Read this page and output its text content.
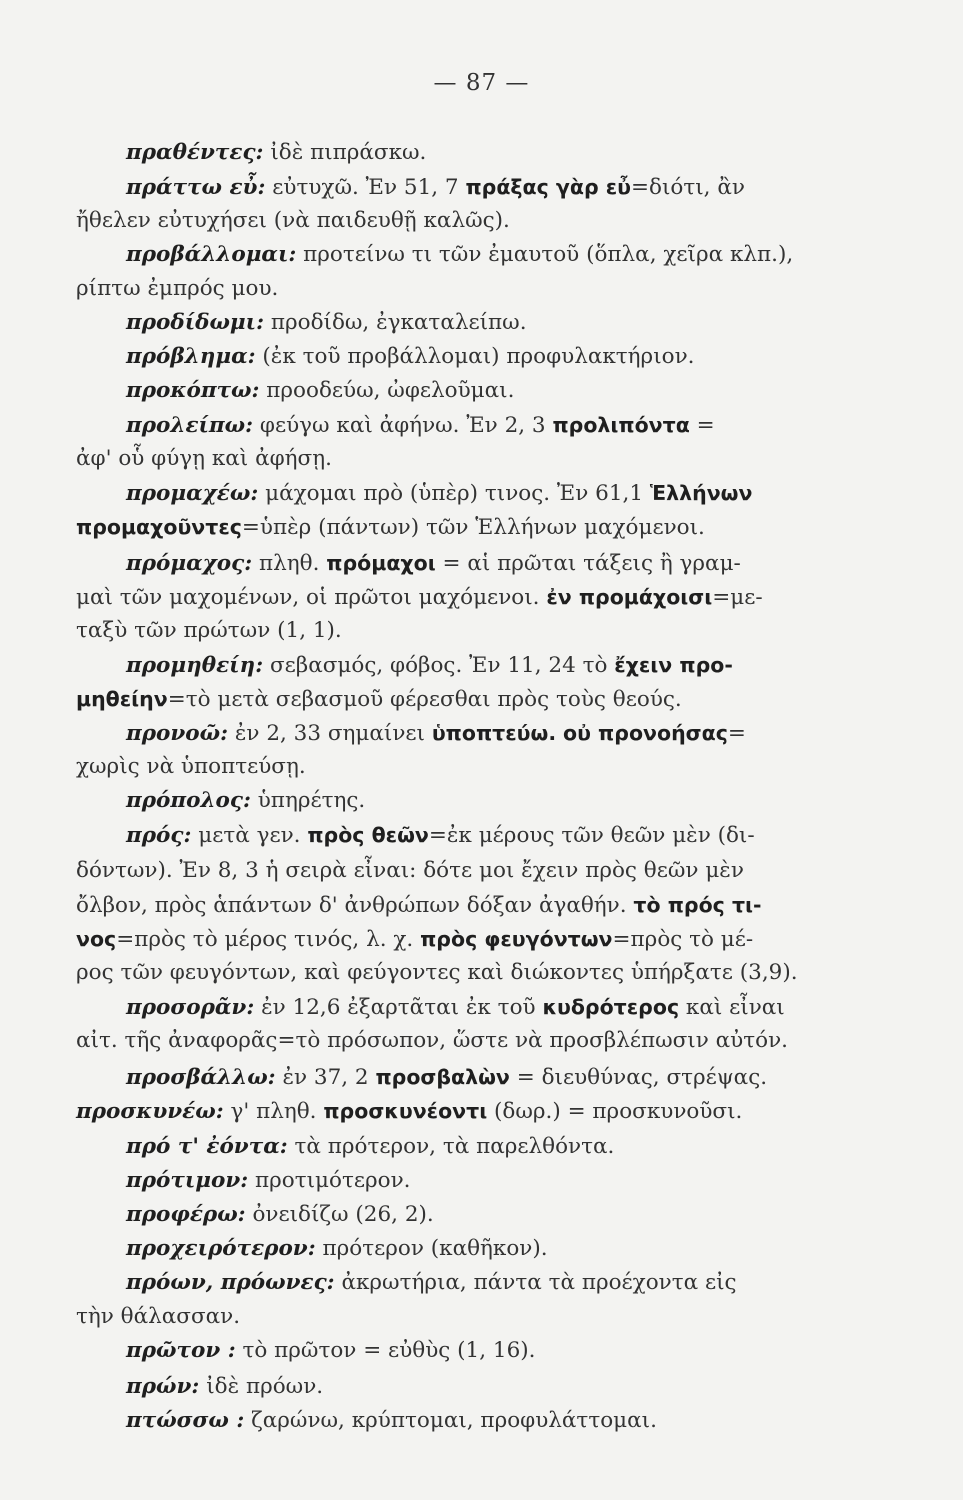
— 87 —
πραθέντες: ἰδὲ πιπράσκω.
πράττω εὖ: εὐτυχῶ. Ἐν 51, 7 πράξας γὰρ εὖ=διότι, ἂν
ἤθελεν εὐτυχήσει (νὰ παιδευθῇ καλῶς).
προβάλλομαι: προτείνω τι τῶν ἐμαυτοῦ (ὅπλα, χεῖρα κλπ.),
ρίπτω ἐμπρός μου.
προδίδωμι: προδίδω, ἐγκαταλείπω.
πρόβλημα: (ἐκ τοῦ προβάλλομαι) προφυλακτήριον.
προκόπτω: προοδεύω, ὠφελοῦμαι.
προλείπω: φεύγω καὶ ἀφήνω. Ἐν 2, 3 προλιπόντα =
ἀφ' οὗ φύγῃ καὶ ἀφήσῃ.
προμαχέω: μάχομαι πρὸ (ὑπὲρ) τινος. Ἐν 61,1 Ἑλλήνων
προμαχοῦντες=ὑπὲρ (πάντων) τῶν Ἑλλήνων μαχόμενοι.
πρόμαχος: πληθ. πρόμαχοι = αἱ πρῶται τάξεις ἢ γραμ-
μαὶ τῶν μαχομένων, οἱ πρῶτοι μαχόμενοι. ἐν προμάχοισι=με-
ταξὺ τῶν πρώτων (1, 1).
προμηθείη: σεβασμός, φόβος. Ἐν 11, 24 τὸ ἔχειν προ-
μηθείην=τὸ μετὰ σεβασμοῦ φέρεσθαι πρὸς τοὺς θεούς.
προνοῶ: ἐν 2, 33 σημαίνει ὑποπτεύω. οὐ προνοήσας=
χωρὶς νὰ ὑποπτεύσῃ.
πρόπολος: ὑπηρέτης.
πρός: μετὰ γεν. πρὸς θεῶν=ἐκ μέρους τῶν θεῶν μὲν (δι-
δόντων). Ἐν 8, 3 ἡ σειρὰ εἶναι: δότε μοι ἔχειν πρὸς θεῶν μὲν
ὄλβον, πρὸς ἁπάντων δ' ἀνθρώπων δόξαν ἀγαθήν. τὸ πρός τι-
νος=πρὸς τὸ μέρος τινός, λ. χ. πρὸς φευγόντων=πρὸς τὸ μέ-
ρος τῶν φευγόντων, καὶ φεύγοντες καὶ διώκοντες ὑπήρξατε (3,9).
προσορᾶν: ἐν 12,6 ἐξαρτᾶται ἐκ τοῦ κυδρότερος καὶ εἶναι
αἰτ. τῆς ἀναφορᾶς=τὸ πρόσωπον, ὥστε νὰ προσβλέπωσιν αὐτόν.
προσβάλλω: ἐν 37, 2 προσβαλὼν = διευθύνας, στρέψας.
προσκυνέω: γ' πληθ. προσκυνέοντι (δωρ.) = προσκυνοῦσι.
πρό τ' ἐόντα: τὰ πρότερον, τὰ παρελθόντα.
πρότιμον: προτιμότερον.
προφέρω: ὀνειδίζω (26, 2).
προχειρότερον: πρότερον (καθῆκον).
πρόων, πρόωνες: ἀκρωτήρια, πάντα τὰ προέχοντα εἰς
τὴν θάλασσαν.
πρῶτον : τὸ πρῶτον = εὐθὺς (1, 16).
πρών: ἰδὲ πρόων.
πτώσσω : ζαρώνω, κρύπτομαι, προφυλάττομαι.
